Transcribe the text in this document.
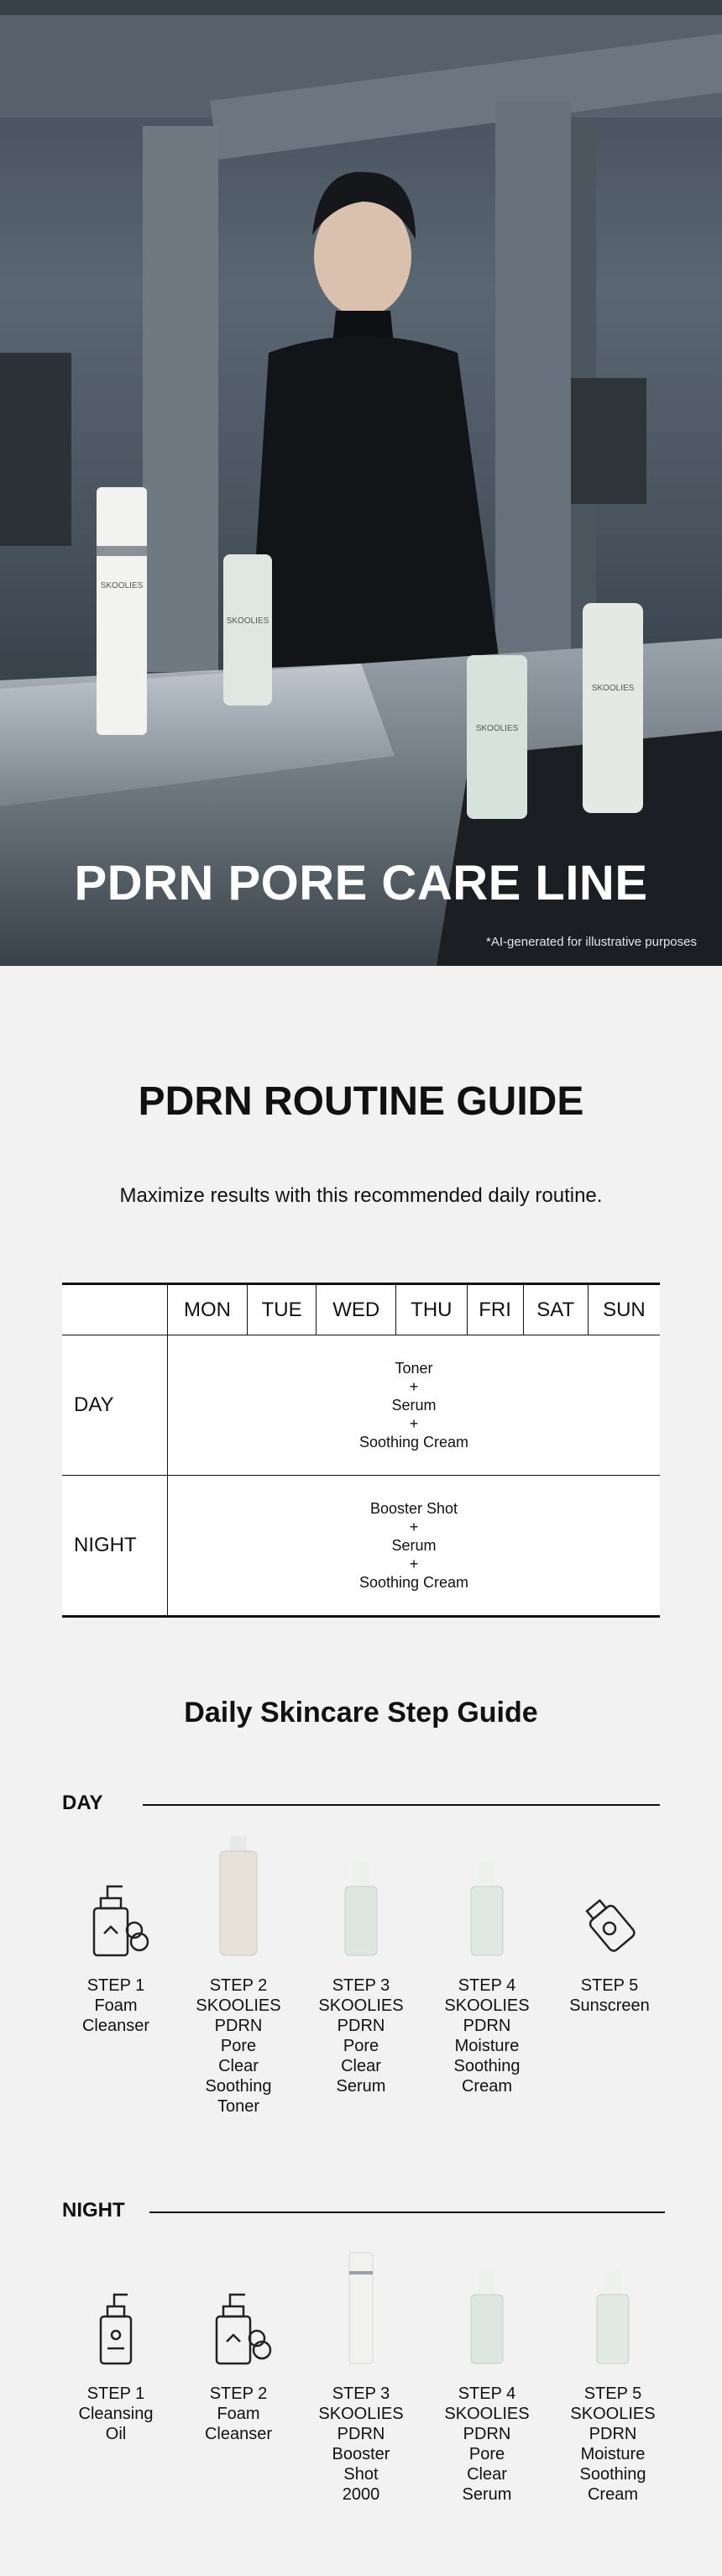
SKOOLIES
SKOOLIES
SKOOLIES
SKOOLIES
PDRN PORE CARE LINE
*AI-generated for illustrative purposes
PDRN ROUTINE GUIDE
Maximize results with this recommended daily routine.
	MON	TUE	WED	THU	FRI	SAT	SUN
DAY	Toner
+
Serum
+
Soothing Cream						

NIGHT	Booster Shot
+
Serum
+
Soothing Cream						
Daily Skincare Step Guide
DAY
STEP 1
Foam
Cleanser
STEP 2
SKOOLIES
PDRN
Pore
Clear
Soothing
Toner
STEP 3
SKOOLIES
PDRN
Pore
Clear
Serum
STEP 4
SKOOLIES
PDRN
Moisture
Soothing
Cream
STEP 5
Sunscreen
NIGHT
STEP 1
Cleansing
Oil
STEP 2
Foam
Cleanser
STEP 3
SKOOLIES
PDRN
Booster
Shot
2000
STEP 4
SKOOLIES
PDRN
Pore
Clear
Serum
STEP 5
SKOOLIES
PDRN
Moisture
Soothing
Cream
